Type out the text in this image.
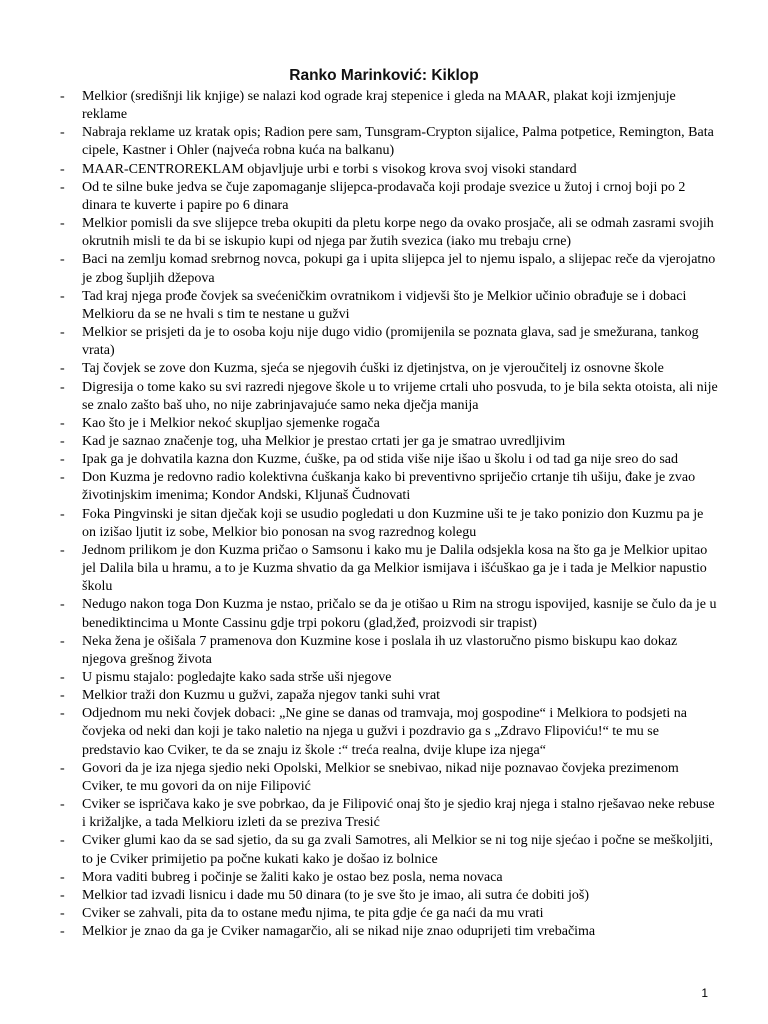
Ranko Marinković: Kiklop
- Melkior (središnji lik knjige) se nalazi kod ograde kraj stepenice i gleda na MAAR, plakat koji izmjenjuje reklame
- Nabraja reklame uz kratak opis; Radion pere sam, Tunsgram-Crypton sijalice, Palma potpetice, Remington, Bata cipele, Kastner i Ohler (najveća robna kuća na balkanu)
- MAAR-CENTROREKLAM objavljuje urbi e torbi s visokog krova svoj visoki standard
- Od te silne buke jedva se čuje zapomaganje slijepca-prodavača koji prodaje svezice u žutoj i crnoj boji po 2 dinara te kuverte i papire po 6 dinara
- Melkior pomisli da sve slijepce treba okupiti da pletu korpe nego da ovako prosjače, ali se odmah zasrami svojih okrutnih misli te da bi se iskupio kupi od njega par žutih svezica (iako mu trebaju crne)
- Baci na zemlju komad srebrnog novca, pokupi ga i upita slijepca jel to njemu ispalo, a slijepac reče da vjerojatno je zbog šupljih džepova
- Tad kraj njega prođe čovjek sa svećeničkim ovratnikom i vidjevši što je Melkior učinio obrađuje se i dobaci Melkioru da se ne hvali s tim te nestane u gužvi
- Melkior se prisjeti da je to osoba koju nije dugo vidio (promijenila se poznata glava, sad je smežurana, tankog vrata)
- Taj čovjek se zove don Kuzma, sjeća se njegovih ćuški iz djetinjstva, on je vjeroučitelj iz osnovne škole
- Digresija o tome kako su svi razredi njegove škole u to vrijeme crtali uho posvuda, to je bila sekta otoista, ali nije se znalo zašto baš uho, no nije zabrinjavajuće samo neka dječja manija
- Kao što je i Melkior nekoć skupljao sjemenke rogača
- Kad je saznao značenje tog, uha Melkior je prestao crtati jer ga je smatrao uvredljivim
- Ipak ga je dohvatila kazna don Kuzme, ćuške, pa od stida više nije išao u školu i od tad ga nije sreo do sad
- Don Kuzma je redovno radio kolektivna ćuškanja kako bi preventivno spriječio crtanje tih ušiju, đake je zvao životinjskim imenima; Kondor Andski, Kljunaš Čudnovati
- Foka Pingvinski je sitan dječak koji se usudio pogledati u don Kuzmine uši te je tako ponizio don Kuzmu pa je on izišao ljutit iz sobe, Melkior bio ponosan na svog razrednog kolegu
- Jednom prilikom je don Kuzma pričao o Samsonu i kako mu je Dalila odsjekla kosa na što ga je Melkior upitao jel Dalila bila u hramu, a to je Kuzma shvatio da ga Melkior ismijava i išćuškao ga je i tada je Melkior napustio školu
- Nedugo nakon toga Don Kuzma je nstao, pričalo se da je otišao u Rim na strogu ispovijed, kasnije se čulo da je u benediktincima u Monte Cassinu gdje trpi pokoru (glad,žeđ, proizvodi sir trapist)
- Neka žena je ošišala 7 pramenova don Kuzmine kose i poslala ih uz vlastoručno pismo biskupu kao dokaz njegova grešnog života
- U pismu stajalo: pogledajte kako sada strše uši njegove
- Melkior traži don Kuzmu u gužvi, zapaža njegov tanki suhi vrat
- Odjednom mu neki čovjek dobaci: „Ne gine se danas od tramvaja, moj gospodine“ i Melkiora to podsjeti na čovjeka od neki dan koji je tako naletio na njega u gužvi i pozdravio ga s „Zdravo Flipoviću!“ te mu se predstavio kao Cviker, te da se znaju iz škole :“ treća realna, dvije klupe iza njega“
- Govori da je iza njega sjedio neki Opolski, Melkior se snebivao, nikad nije poznavao čovjeka prezimenom Cviker, te mu govori da on nije Filipović
- Cviker se ispričava kako je sve pobrkao, da je Filipović onaj što je sjedio kraj njega i stalno rješavao neke rebuse i križaljke, a tada Melkioru izleti da se preziva Tresić
- Cviker glumi kao da se sad sjetio, da su ga zvali Samotres, ali Melkior se ni tog nije sjećao i počne se meškoljiti, to je Cviker primijetio pa počne kukati kako je došao iz bolnice
- Mora vaditi bubreg i počinje se žaliti kako je ostao bez posla, nema novaca
- Melkior tad izvadi lisnicu i dade mu 50 dinara (to je sve što je imao, ali sutra će dobiti još)
- Cviker se zahvali, pita da to ostane među njima, te pita gdje će ga naći da mu vrati
- Melkior je znao da ga je Cviker namagarčio, ali se nikad nije znao oduprijeti tim vrebačima
1
